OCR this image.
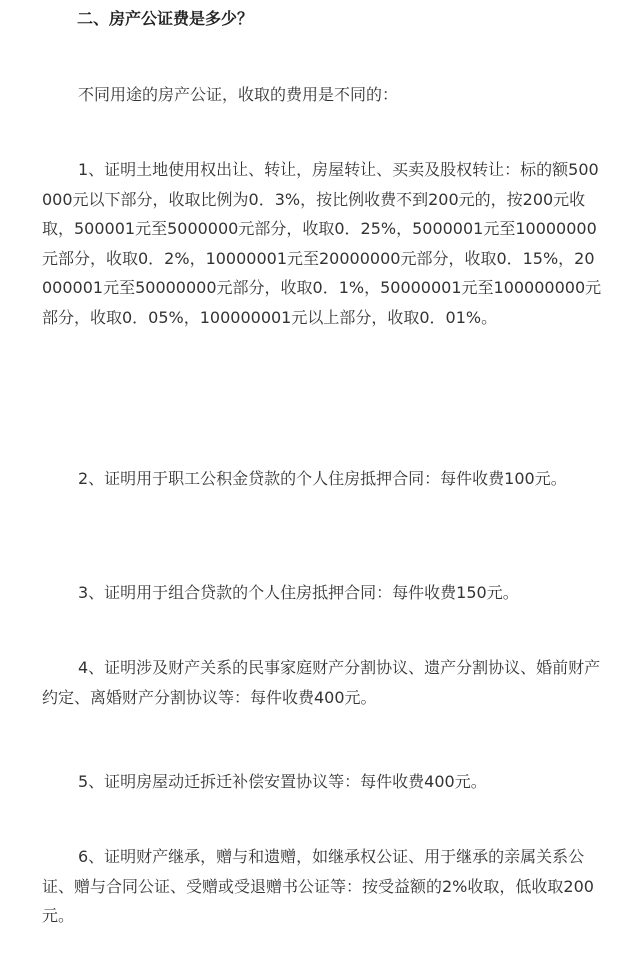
二、房产公证费是多少？

不同用途的房产公证，收取的费用是不同的：

1、证明土地使用权出让、转让，房屋转让、买卖及股权转让：标的额500000元以下部分，收取比例为0．3%，按比例收费不到200元的，按200元收取，500001元至5000000元部分，收取0．25%，5000001元至10000000元部分，收取0．2%，10000001元至20000000元部分，收取0．15%，20000001元至50000000元部分，收取0．1%，50000001元至100000000元部分，收取0．05%，100000001元以上部分，收取0．01%。

2、证明用于职工公积金贷款的个人住房抵押合同：每件收费100元。

3、证明用于组合贷款的个人住房抵押合同：每件收费150元。

4、证明涉及财产关系的民事家庭财产分割协议、遗产分割协议、婚前财产约定、离婚财产分割协议等：每件收费400元。

5、证明房屋动迁拆迁补偿安置协议等：每件收费400元。

6、证明财产继承，赠与和遗赠，如继承权公证、用于继承的亲属关系公证、赠与合同公证、受赠或受退赠书公证等：按受益额的2%收取，低收取200元。
